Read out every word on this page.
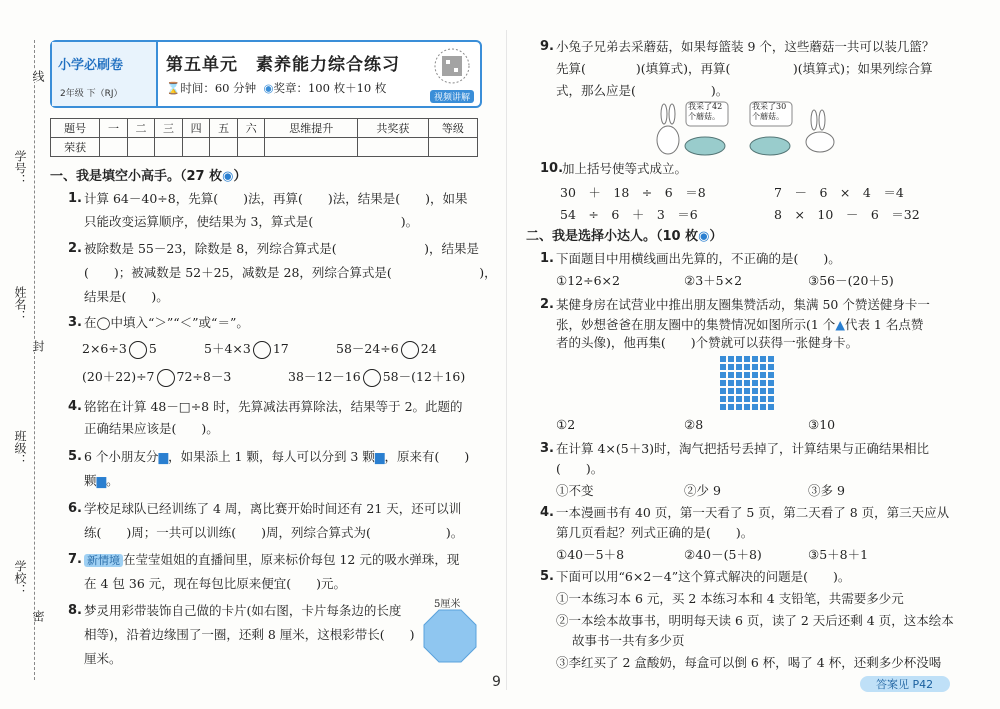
学号：
线
姓名：
封
班级：
学校：
密
小学必刷卷
2年级 下（RJ）
第五单元　素养能力综合练习
⌛时间：60 分钟 ◉奖章：100 枚＋10 枚
视频讲解
题号	一	二	三	四	五	六	思维提升	共奖获	等级
荣获									
一、我是填空小高手。（27 枚◉）
1. 计算 64－40÷8，先算(　　)法，再算(　　)法，结果是(　　)，如果
只能改变运算顺序，使结果为 3，算式是(　　　　　　　)。
2. 被除数是 55－23，除数是 8，列综合算式是(　　　　　　　)，结果是
(　　)；被减数是 52＋25，减数是 28，列综合算式是(　　　　　　　)，
结果是(　　)。
3. 在◯中填入“＞”“＜”或“＝”。
2×6÷3 5	5＋4×3 17	58－24÷6 24
(20＋22)÷7 72÷8－3	38－12－16 58－(12＋16)
4. 铭铭在计算 48－□÷8 时，先算减法再算除法，结果等于 2。此题的
正确结果应该是(　　)。
5. 6 个小朋友分▆，如果添上 1 颗，每人可以分到 3 颗▆，原来有(　　)
颗▆。
6. 学校足球队已经训练了 4 周，离比赛开始时间还有 21 天，还可以训
练(　　)周；一共可以训练(　　)周，列综合算式为(　　　　　　)。
7. 新情境 在莹莹姐姐的直播间里，原来标价每包 12 元的吸水弹珠，现
在 4 包 36 元，现在每包比原来便宜(　　)元。
8. 梦灵用彩带装饰自己做的卡片(如右图，卡片每条边的长度
相等)，沿着边缘围了一圈，还剩 8 厘米，这根彩带长(　　)
厘米。
5厘米
9. 小兔子兄弟去采蘑菇，如果每篮装 9 个，这些蘑菇一共可以装几篮？
先算(　　　　)(填算式)，再算(　　　　　)(填算式)；如果列综合算
式，那么应是(　　　　　　)。
我采了42个蘑菇。
我采了30个蘑菇。
10.
加上括号使等式成立。
30　＋　18　÷　6　＝8	7　－　6　×　4　＝4
54　÷　6　＋　3　＝6	8　×　10　－　6　＝32
二、我是选择小达人。（10 枚◉）
1. 下面题目中用横线画出先算的，不正确的是(　　)。
①12÷6×2	②3＋5×2	③56－(20＋5)
2. 某健身房在试营业中推出朋友圈集赞活动，集满 50 个赞送健身卡一
张，妙想爸爸在朋友圈中的集赞情况如图所示(1 个▲代表 1 名点赞
者的头像)，他再集(　　)个赞就可以获得一张健身卡。
①2	②8	③10
3. 在计算 4×(5＋3)时，淘气把括号丢掉了，计算结果与正确结果相比
(　　)。
①不变	②少 9	③多 9
4. 一本漫画书有 40 页，第一天看了 5 页，第二天看了 8 页，第三天应从
第几页看起？列式正确的是(　　)。
①40－5＋8	②40－(5＋8)	③5＋8＋1
5. 下面可以用“6×2－4”这个算式解决的问题是(　　)。
①一本练习本 6 元，买 2 本练习本和 4 支铅笔，共需要多少元
②一本绘本故事书，明明每天读 6 页，读了 2 天后还剩 4 页，这本绘本
故事书一共有多少页
③李红买了 2 盒酸奶，每盒可以倒 6 杯，喝了 4 杯，还剩多少杯没喝
9	答案见 P42
